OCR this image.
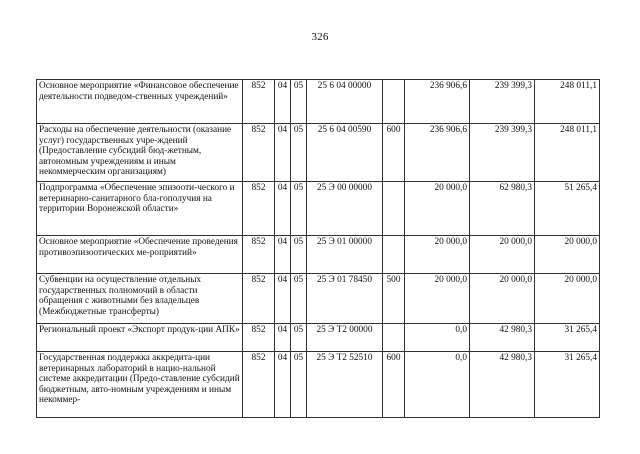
326
Основное мероприятие «Финансовое обеспечение деятельности подведом-ственных учреждений»	852	04	05	25 6 04 00000		236 906,6	239 399,3	248 011,1
Расходы на обеспечение деятельности (оказание услуг) государственных учре-ждений (Предоставление субсидий бюд-жетным, автономным учреждениям и иным некоммерческим организациям)	852	04	05	25 6 04 00590	600	236 906,6	239 399,3	248 011,1
Подпрограмма «Обеспечение эпизооти-ческого и ветеринарно-санитарного бла-гополучия на территории Воронежской области»	852	04	05	25 Э 00 00000		20 000,0	62 980,3	51 265,4
Основное мероприятие «Обеспечение проведения противоэпизоотических ме-роприятий»	852	04	05	25 Э 01 00000		20 000,0	20 000,0	20 000,0
Субвенции на осуществление отдельных государственных полномочий в области обращения с животными без владельцев (Межбюджетные трансферты)	852	04	05	25 Э 01 78450	500	20 000,0	20 000,0	20 000,0
Региональный проект «Экспорт продук-ции АПК»	852	04	05	25 Э Т2 00000		0,0	42 980,3	31 265,4
Государственная поддержка аккредита-ции ветеринарных лабораторий в нацио-нальной системе аккредитации (Предо-ставление субсидий бюджетным, авто-номным учреждениям и иным некоммер-	852	04	05	25 Э Т2 52510	600	0,0	42 980,3	31 265,4
